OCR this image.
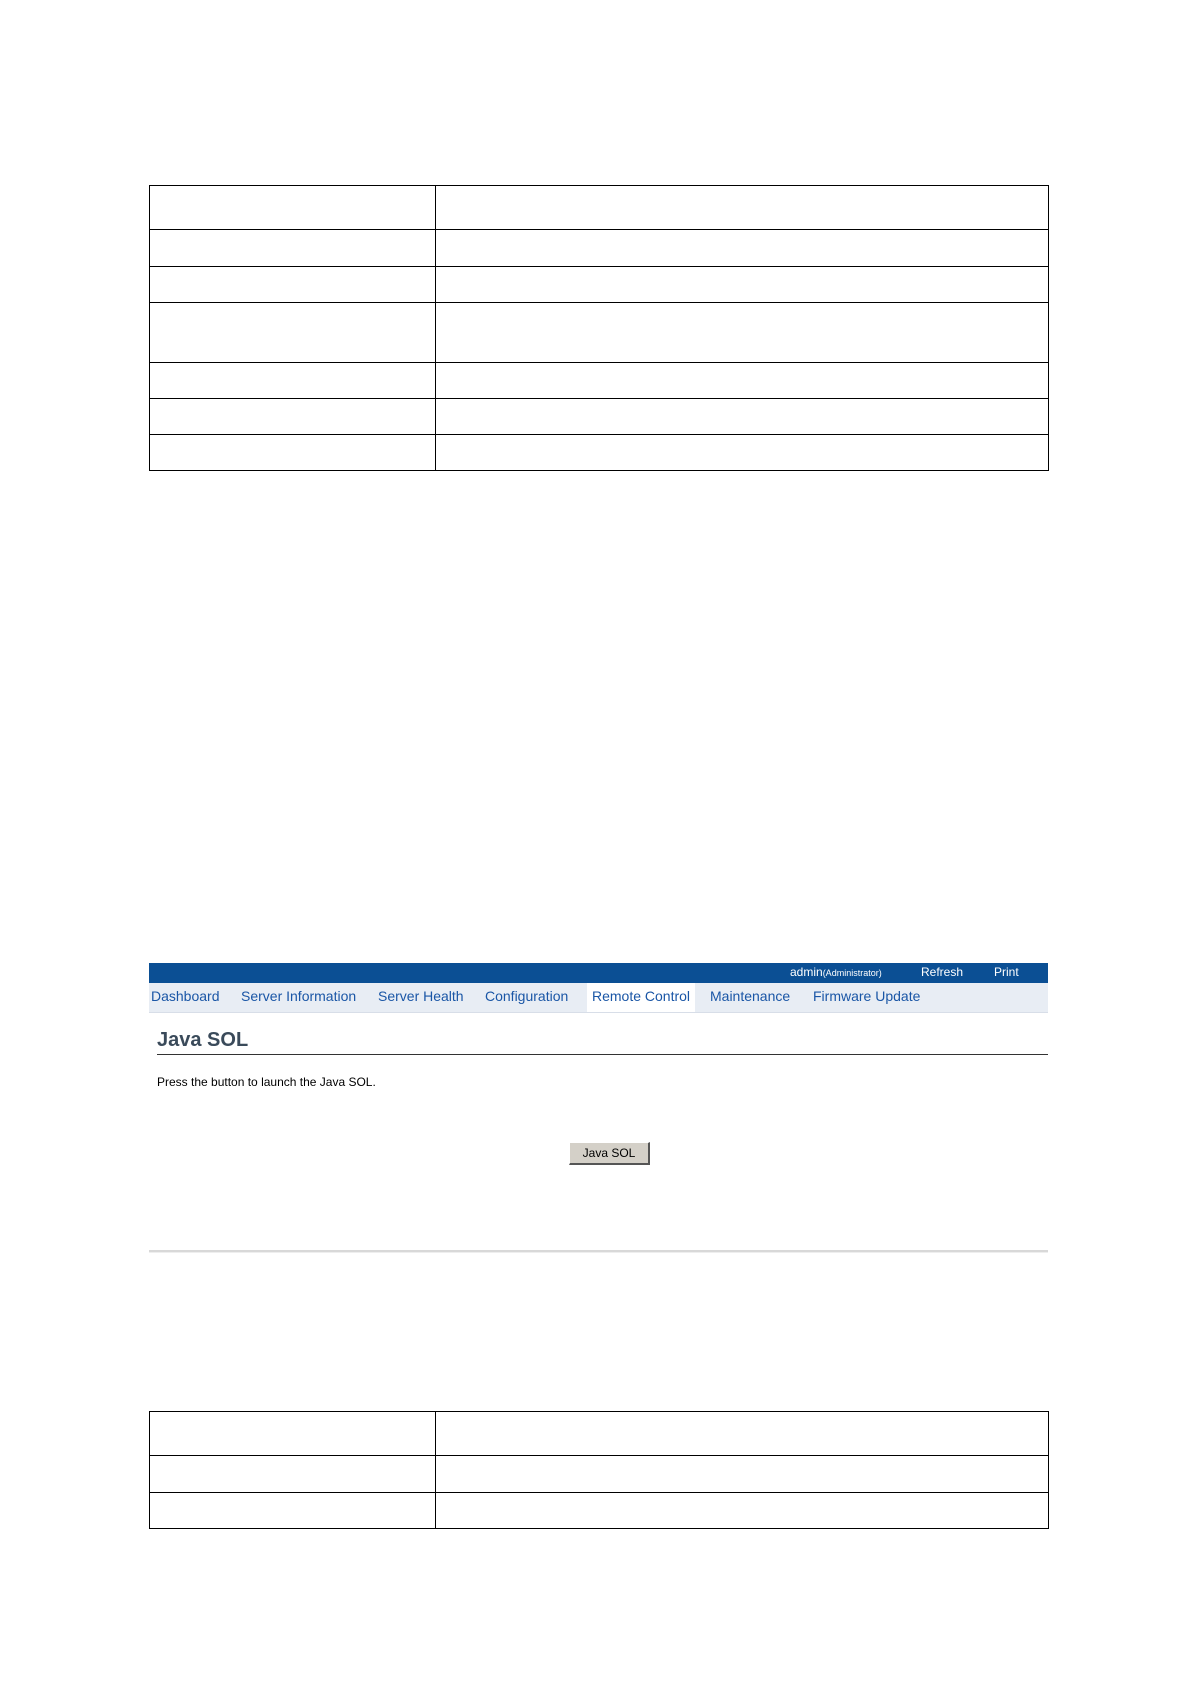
admin(Administrator)	Refresh	Print
Dashboard Server Information Server Health Configuration	Remote Control	Maintenance Firmware Update
Java SOL
Press the button to launch the Java SOL.
Java SOL
